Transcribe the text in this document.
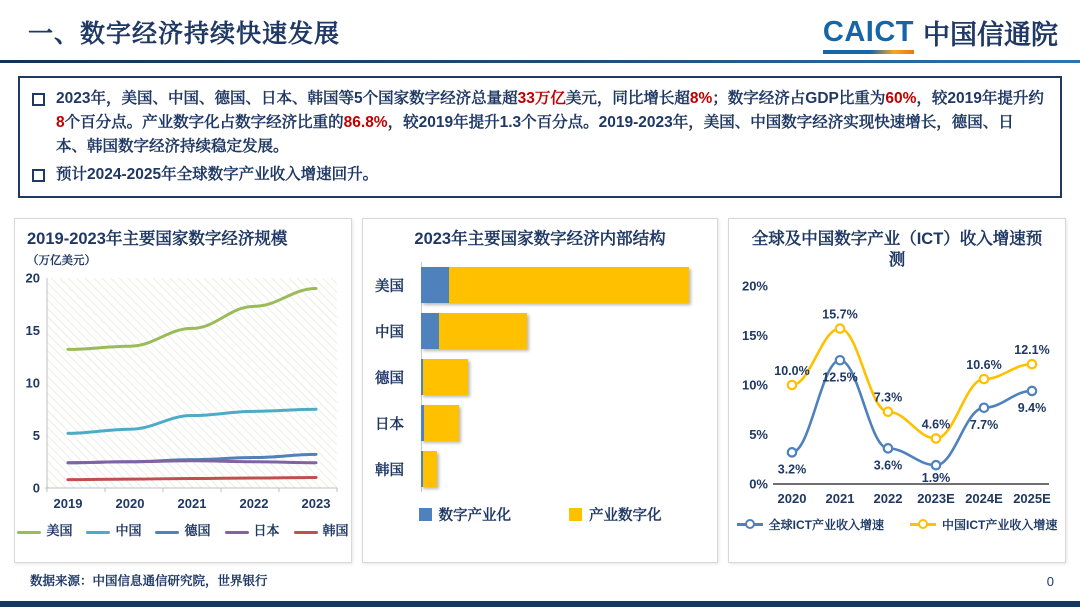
一、数字经济持续快速发展	CAICT 中国信通院
2023年，美国、中国、德国、日本、韩国等5个国家数字经济总量超33万亿美元，同比增长超8%；数字经济占GDP比重为60%，较2019年提升约8个百分点。产业数字化占数字经济比重的86.8%，较2019年提升1.3个百分点。2019-2023年，美国、中国数字经济实现快速增长，德国、日本、韩国数字经济持续稳定发展。
预计2024-2025年全球数字产业收入增速回升。
2019-2023年主要国家数字经济规模
（万亿美元）
0
5
10
15
20
2019	2020	2021	2022	2023
美国	中国	德国	日本	韩国
2023年主要国家数字经济内部结构
美国
中国
德国
日本
韩国
数字产业化	产业数字化
全球及中国数字产业（ICT）收入增速预测
0%
5%
10%
15%
20%
2020 2021 2022 2023E 2024E 2025E
3.2%
12.5%
3.6%
1.9%
7.7%
9.4%
10.0%
15.7%
7.3%
4.6%
10.6%
12.1%
全球ICT产业收入增速	中国ICT产业收入增速
数据来源：中国信息通信研究院，世界银行	0
